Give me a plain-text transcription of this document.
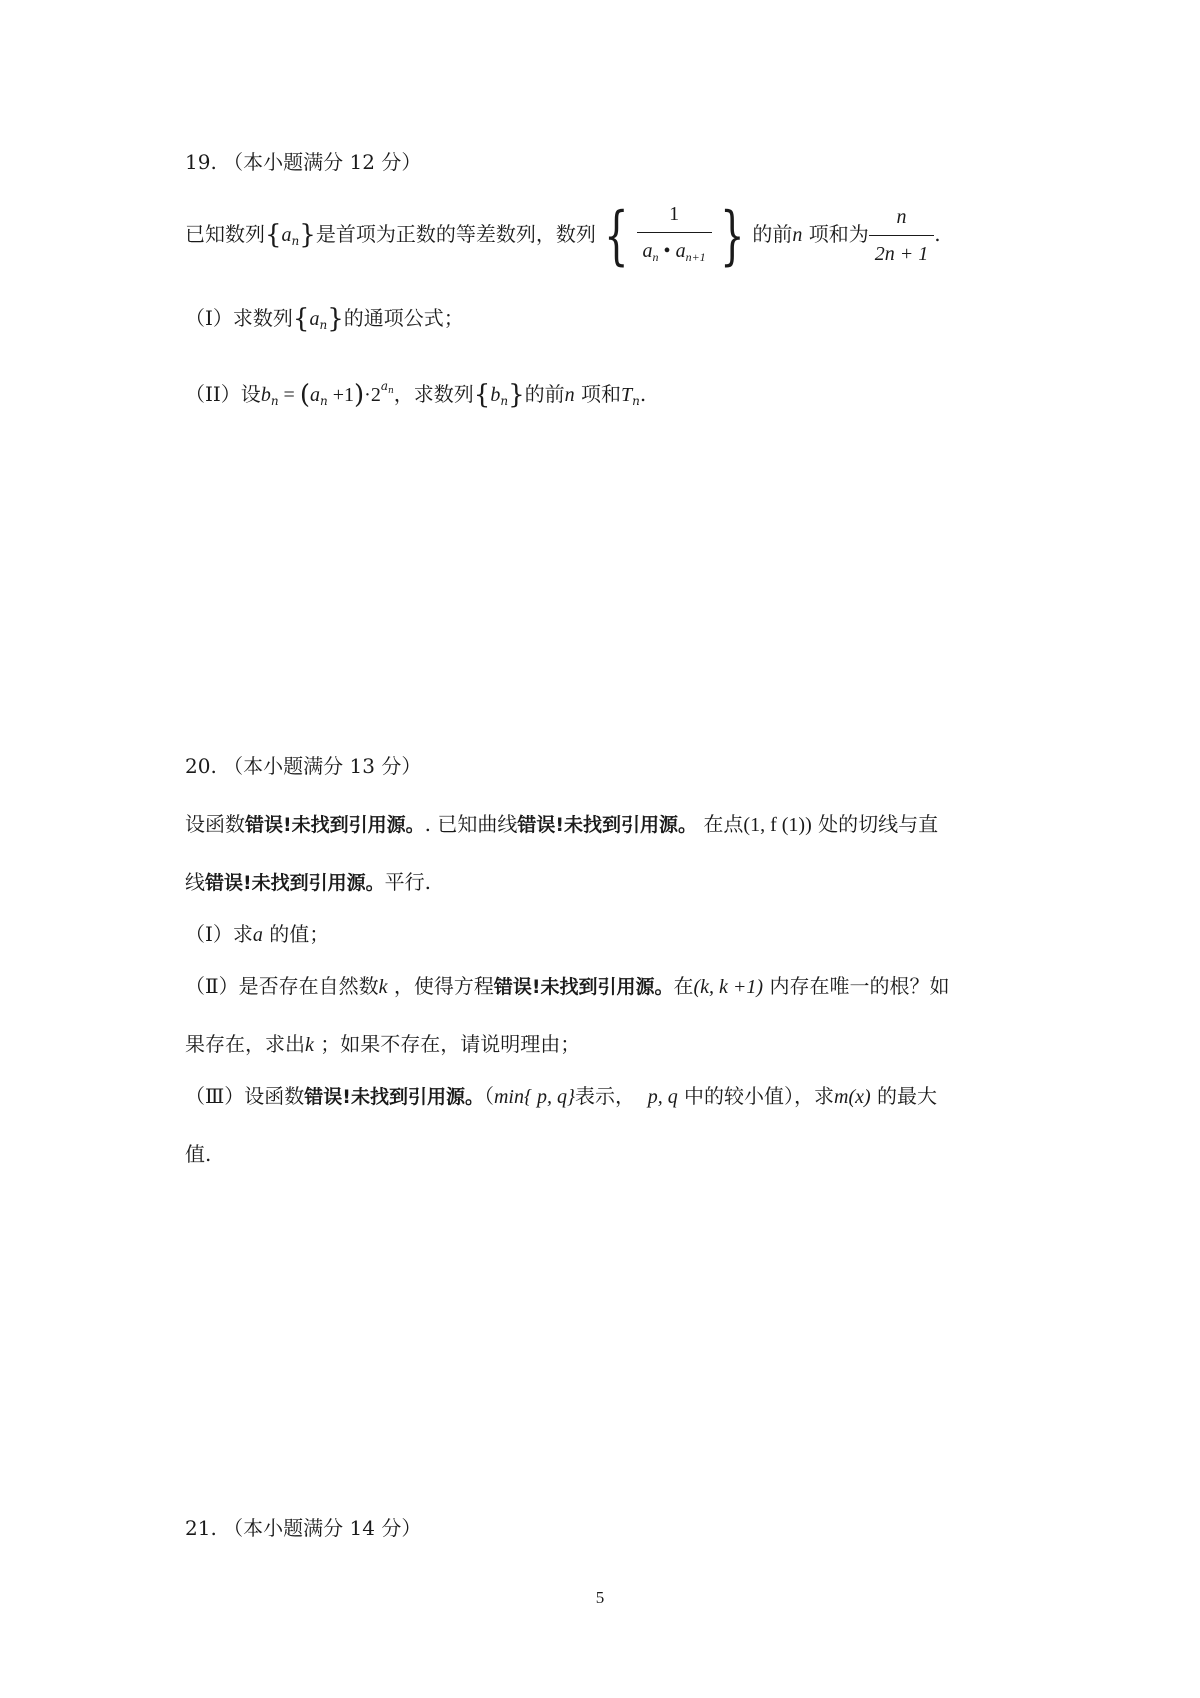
19. （本小题满分 12 分）
已知数列$\{a_n\}$是首项为正数的等差数列，数列 { $\frac{1}{a_n • a_{n+1}}$ } 的前n 项和为 $\frac{n}{2n + 1}$ .
（I）求数列$\{a_n\}$的通项公式；
（II）设$b_n = (a_n +1)\cdot 2^{an}$，求数列$\{b_n\}$的前n 项和$T_n$.
20. （本小题满分 13 分）
设函数错误!未找到引用源。. 已知曲线错误!未找到引用源。 在点(1, f (1)) 处的切线与直
线错误!未找到引用源。平行.
（Ⅰ）求a 的值；
（Ⅱ）是否存在自然数k ，使得方程错误!未找到引用源。在(k, k +1) 内存在唯一的根？如
果存在，求出k ；如果不存在，请说明理由；
（Ⅲ）设函数错误!未找到引用源。（min{ p, q}表示， p, q 中的较小值），求m(x) 的最大
值.
21. （本小题满分 14 分）
5
